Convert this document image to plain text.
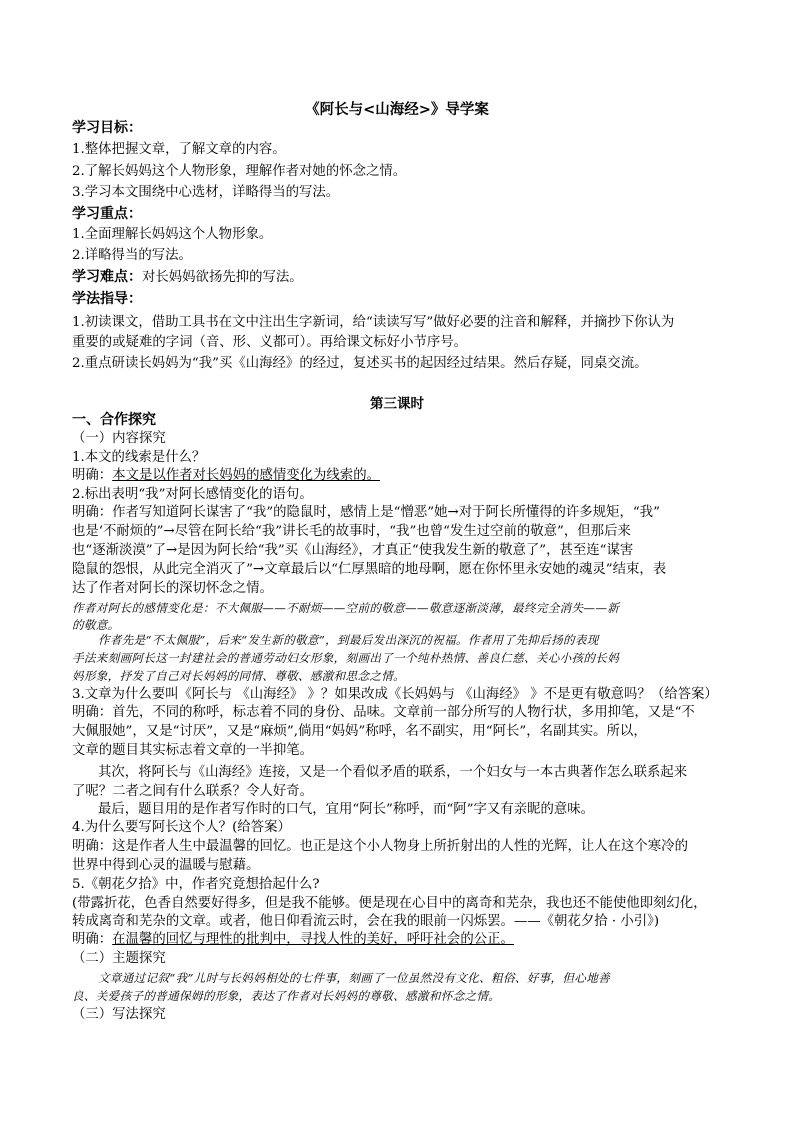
《阿长与<山海经>》导学案
学习目标：
1.整体把握文章，了解文章的内容。
2.了解长妈妈这个人物形象，理解作者对她的怀念之情。
3.学习本文围绕中心选材，详略得当的写法。
学习重点：
1.全面理解长妈妈这个人物形象。
2.详略得当的写法。
学习难点：对长妈妈欲扬先抑的写法。
学法指导：
1.初读课文，借助工具书在文中注出生字新词，给“读读写写”做好必要的注音和解释，并摘抄下你认为
重要的或疑难的字词（音、形、义都可）。再给课文标好小节序号。
2.重点研读长妈妈为“我”买《山海经》的经过，复述买书的起因经过结果。然后存疑，同桌交流。
第三课时
一、合作探究
（一）内容探究
1.本文的线索是什么？
明确：本文是以作者对长妈妈的感情变化为线索的。
2.标出表明“我”对阿长感情变化的语句。
明确：作者写知道阿长谋害了“我”的隐鼠时，感情上是“憎恶”她→对于阿长所懂得的许多规矩，“我”
也是‘不耐烦的”→尽管在阿长给“我”讲长毛的故事时，“我”也曾“发生过空前的敬意”，但那后来
也“逐渐淡漠”了→是因为阿长给“我”买《山海经》，才真正“使我发生新的敬意了”，甚至连“谋害
隐鼠的怨恨，从此完全消灭了”→文章最后以“仁厚黑暗的地母啊，愿在你怀里永安她的魂灵”结束，表
达了作者对阿长的深切怀念之情。
作者对阿长的感情变化是：不大佩服——不耐烦——空前的敬意——敬意逐渐淡薄，最终完全消失——新
的敬意。
作者先是“不太佩服”，后来“发生新的敬意”，到最后发出深沉的祝福。作者用了先抑后扬的表现
手法来刻画阿长这一封建社会的普通劳动妇女形象，刻画出了一个纯朴热情、善良仁慈、关心小孩的长妈
妈形象，抒发了自己对长妈妈的同情、尊敬、感激和思念之情。
3.文章为什么要叫《阿长与 《山海经》 》？如果改成《长妈妈与 《山海经》 》不是更有敬意吗？（给答案）
明确：首先，不同的称呼，标志着不同的身份、品味。文章前一部分所写的人物行状，多用抑笔，又是“不
大佩服她”，又是“讨厌”，又是“麻烦”,倘用“妈妈”称呼，名不副实，用“阿长”，名副其实。所以，
文章的题目其实标志着文章的一半抑笔。
其次，将阿长与《山海经》连接，又是一个看似矛盾的联系，一个妇女与一本古典著作怎么联系起来
了呢？二者之间有什么联系？令人好奇。
最后，题目用的是作者写作时的口气，宜用“阿长”称呼，而“阿”字又有亲昵的意味。
4.为什么要写阿长这个人？(给答案）
明确：这是作者人生中最温馨的回忆。也正是这个小人物身上所折射出的人性的光辉，让人在这个寒冷的
世界中得到心灵的温暖与慰藉。
5.《朝花夕拾》中，作者究竟想拾起什么?
(带露折花，色香自然要好得多，但是我不能够。便是现在心目中的离奇和芜杂，我也还不能使他即刻幻化，
转成离奇和芜杂的文章。或者，他日仰看流云时，会在我的眼前一闪烁罢。——《朝花夕拾 · 小引》)
明确：在温馨的回忆与理性的批判中，寻找人性的美好，呼吁社会的公正。
（二）主题探究
文章通过记叙“我”儿时与长妈妈相处的七件事，刻画了一位虽然没有文化、粗俗、好事，但心地善
良、关爱孩子的普通保姆的形象，表达了作者对长妈妈的尊敬、感激和怀念之情。
（三）写法探究
